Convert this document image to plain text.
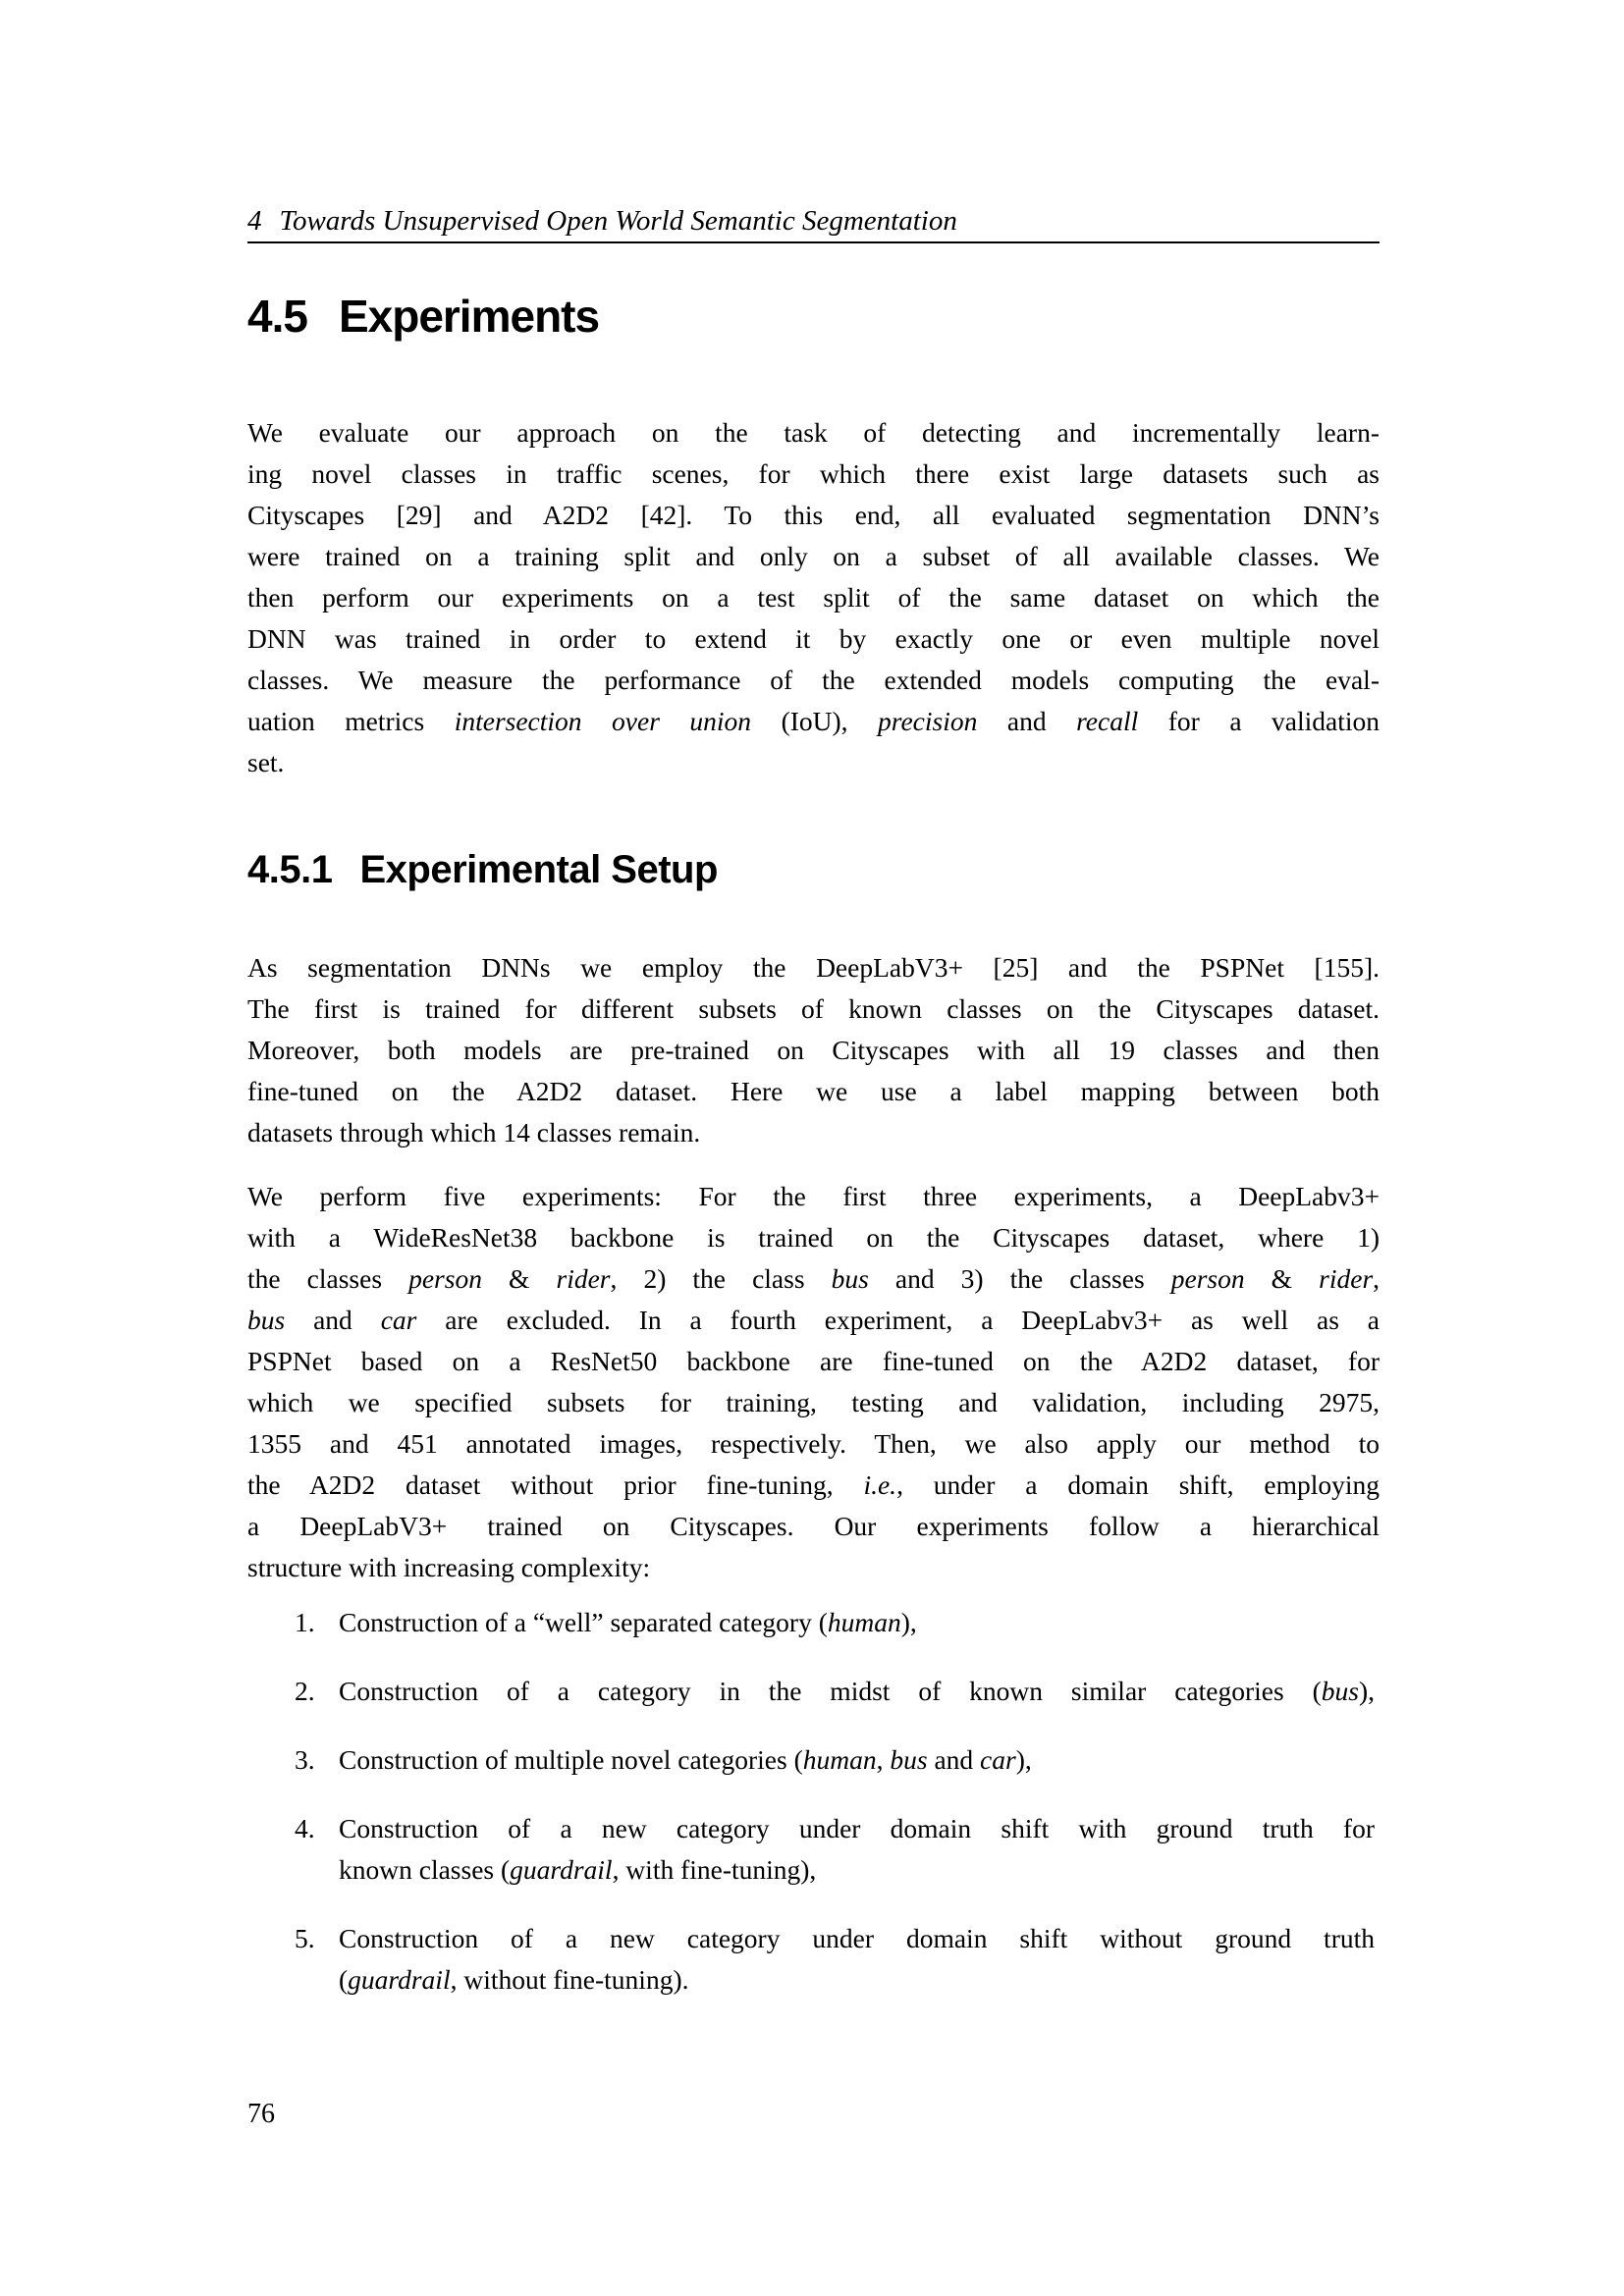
4 Towards Unsupervised Open World Semantic Segmentation
4.5 Experiments
We evaluate our approach on the task of detecting and incrementally learn-
ing novel classes in traffic scenes, for which there exist large datasets such as
Cityscapes [29] and A2D2 [42]. To this end, all evaluated segmentation DNN’s
were trained on a training split and only on a subset of all available classes. We
then perform our experiments on a test split of the same dataset on which the
DNN was trained in order to extend it by exactly one or even multiple novel
classes. We measure the performance of the extended models computing the eval-
uation metrics intersection over union (IoU), precision and recall for a validation
set.
4.5.1 Experimental Setup
As segmentation DNNs we employ the DeepLabV3+ [25] and the PSPNet [155].
The first is trained for different subsets of known classes on the Cityscapes dataset.
Moreover, both models are pre-trained on Cityscapes with all 19 classes and then
fine-tuned on the A2D2 dataset. Here we use a label mapping between both
datasets through which 14 classes remain.
We perform five experiments: For the first three experiments, a DeepLabv3+
with a WideResNet38 backbone is trained on the Cityscapes dataset, where 1)
the classes person & rider, 2) the class bus and 3) the classes person & rider,
bus and car are excluded. In a fourth experiment, a DeepLabv3+ as well as a
PSPNet based on a ResNet50 backbone are fine-tuned on the A2D2 dataset, for
which we specified subsets for training, testing and validation, including 2975,
1355 and 451 annotated images, respectively. Then, we also apply our method to
the A2D2 dataset without prior fine-tuning, i.e., under a domain shift, employing
a DeepLabV3+ trained on Cityscapes. Our experiments follow a hierarchical
structure with increasing complexity:
1. Construction of a “well” separated category (human),
2. Construction of a category in the midst of known similar categories (bus),
3. Construction of multiple novel categories (human, bus and car),
4. Construction of a new category under domain shift with ground truth for
known classes (guardrail, with fine-tuning),
5. Construction of a new category under domain shift without ground truth
(guardrail, without fine-tuning).
76
